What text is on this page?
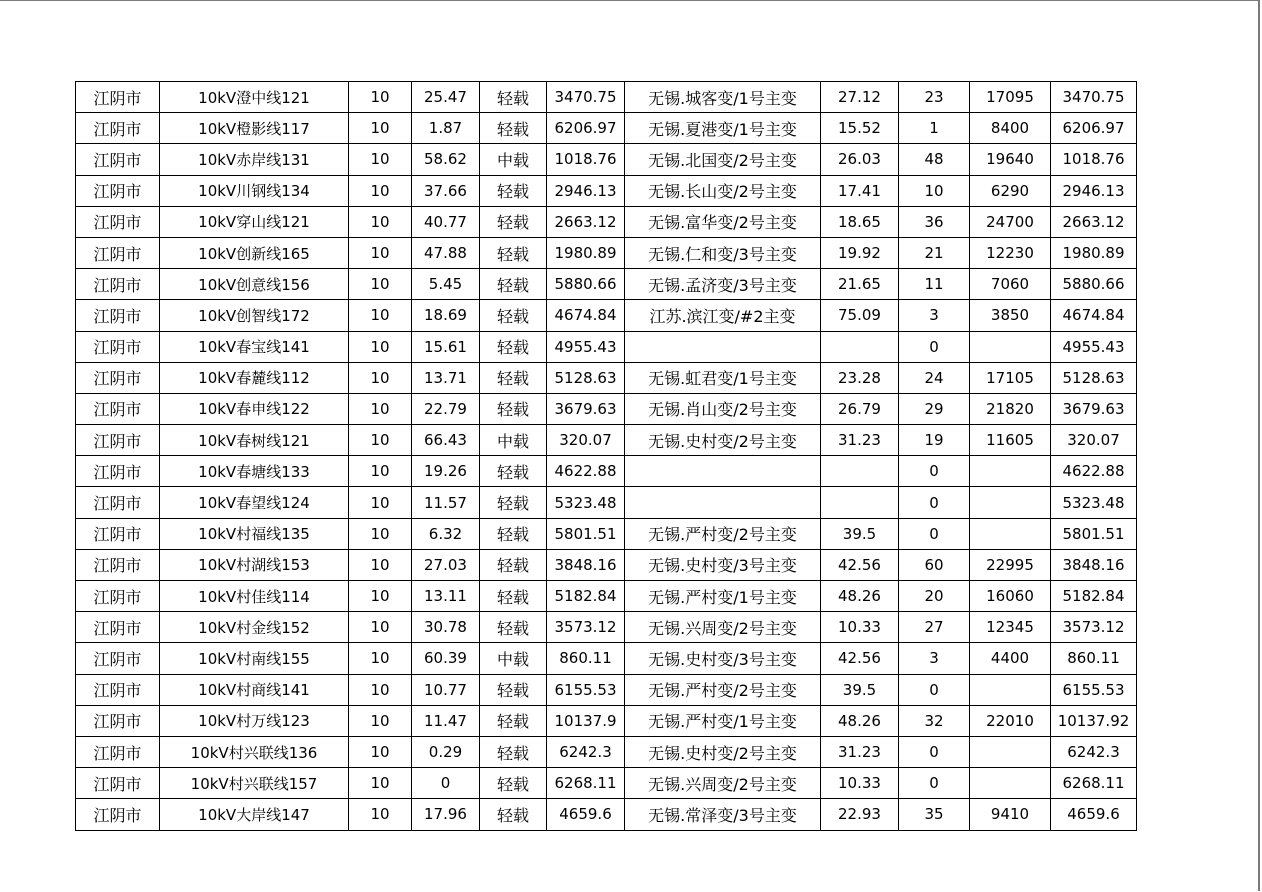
江阴市	10kV澄中线121	10	25.47	轻载	3470.75	无锡.城客变/1号主变	27.12	23	17095	3470.75
江阴市	10kV橙影线117	10	1.87	轻载	6206.97	无锡.夏港变/1号主变	15.52	1	8400	6206.97
江阴市	10kV赤岸线131	10	58.62	中载	1018.76	无锡.北国变/2号主变	26.03	48	19640	1018.76
江阴市	10kV川钢线134	10	37.66	轻载	2946.13	无锡.长山变/2号主变	17.41	10	6290	2946.13
江阴市	10kV穿山线121	10	40.77	轻载	2663.12	无锡.富华变/2号主变	18.65	36	24700	2663.12
江阴市	10kV创新线165	10	47.88	轻载	1980.89	无锡.仁和变/3号主变	19.92	21	12230	1980.89
江阴市	10kV创意线156	10	5.45	轻载	5880.66	无锡.孟济变/3号主变	21.65	11	7060	5880.66
江阴市	10kV创智线172	10	18.69	轻载	4674.84	江苏.滨江变/#2主变	75.09	3	3850	4674.84
江阴市	10kV春宝线141	10	15.61	轻载	4955.43			0		4955.43
江阴市	10kV春麓线112	10	13.71	轻载	5128.63	无锡.虹君变/1号主变	23.28	24	17105	5128.63
江阴市	10kV春申线122	10	22.79	轻载	3679.63	无锡.肖山变/2号主变	26.79	29	21820	3679.63
江阴市	10kV春树线121	10	66.43	中载	320.07	无锡.史村变/2号主变	31.23	19	11605	320.07
江阴市	10kV春塘线133	10	19.26	轻载	4622.88			0		4622.88
江阴市	10kV春望线124	10	11.57	轻载	5323.48			0		5323.48
江阴市	10kV村福线135	10	6.32	轻载	5801.51	无锡.严村变/2号主变	39.5	0		5801.51
江阴市	10kV村湖线153	10	27.03	轻载	3848.16	无锡.史村变/3号主变	42.56	60	22995	3848.16
江阴市	10kV村佳线114	10	13.11	轻载	5182.84	无锡.严村变/1号主变	48.26	20	16060	5182.84
江阴市	10kV村金线152	10	30.78	轻载	3573.12	无锡.兴周变/2号主变	10.33	27	12345	3573.12
江阴市	10kV村南线155	10	60.39	中载	860.11	无锡.史村变/3号主变	42.56	3	4400	860.11
江阴市	10kV村商线141	10	10.77	轻载	6155.53	无锡.严村变/2号主变	39.5	0		6155.53
江阴市	10kV村万线123	10	11.47	轻载	10137.9	无锡.严村变/1号主变	48.26	32	22010	10137.92
江阴市	10kV村兴联线136	10	0.29	轻载	6242.3	无锡.史村变/2号主变	31.23	0		6242.3
江阴市	10kV村兴联线157	10	0	轻载	6268.11	无锡.兴周变/2号主变	10.33	0		6268.11
江阴市	10kV大岸线147	10	17.96	轻载	4659.6	无锡.常泽变/3号主变	22.93	35	9410	4659.6
